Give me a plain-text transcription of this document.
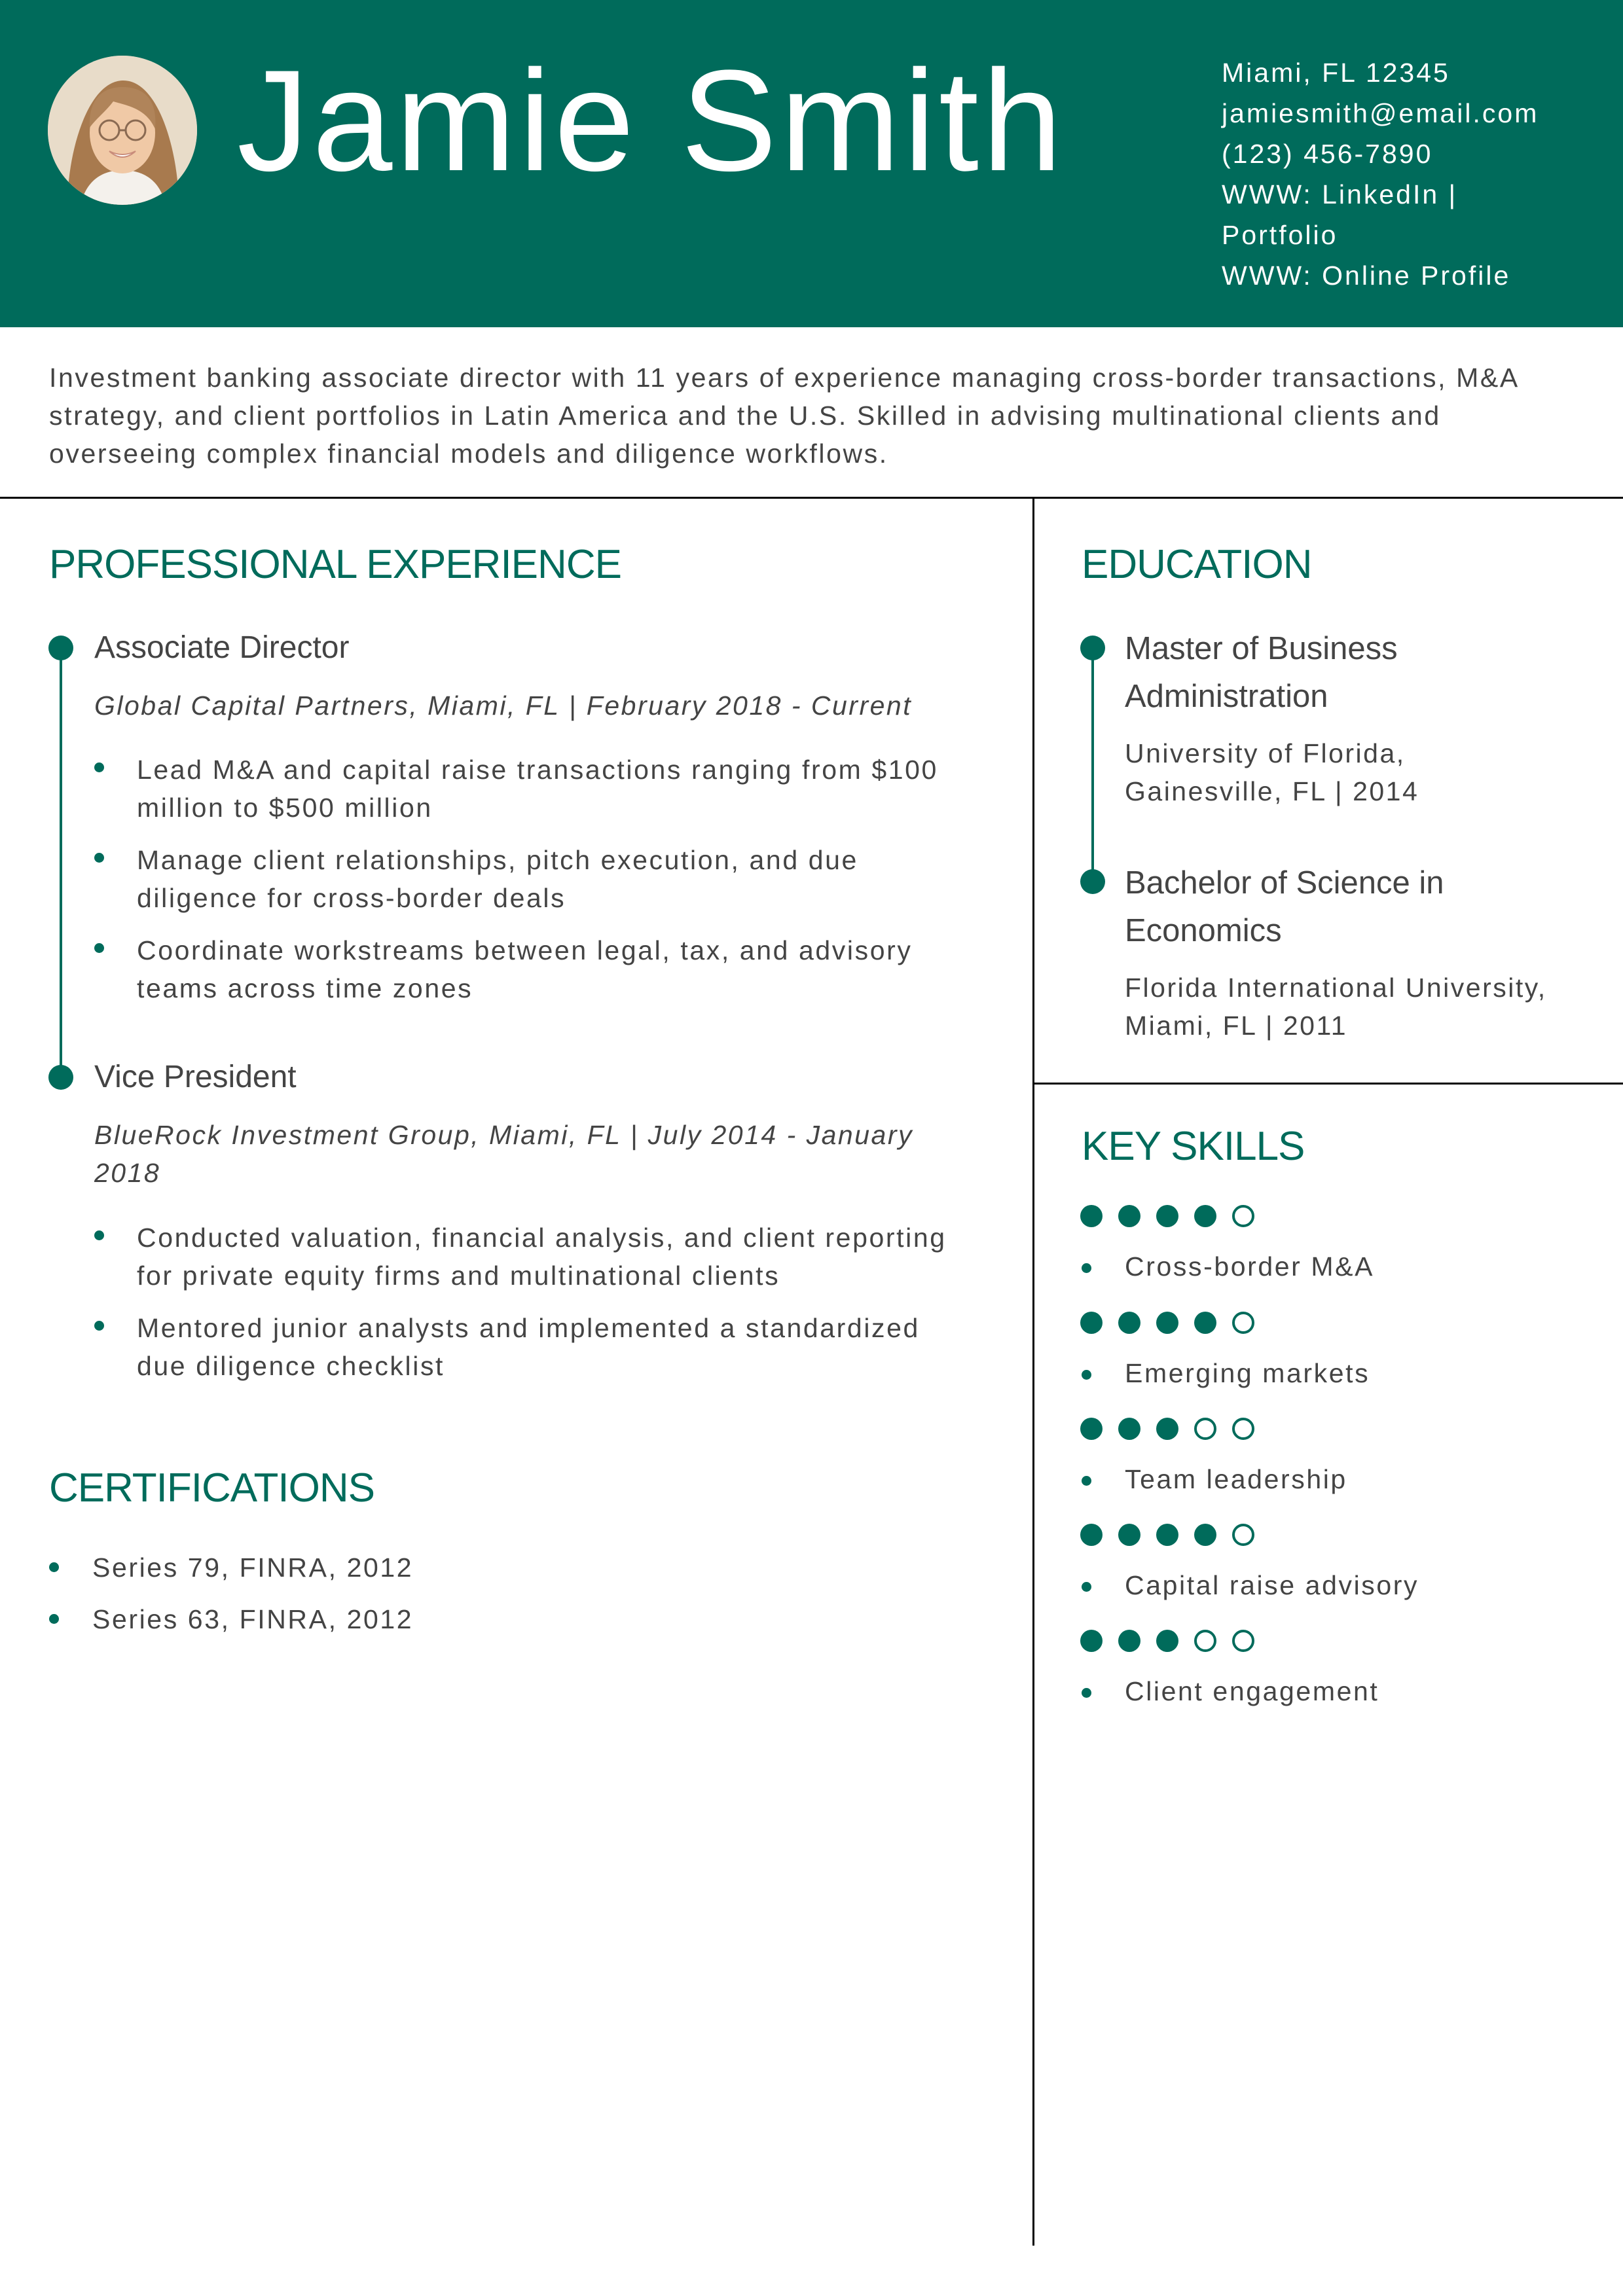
Jamie Smith	Miami, FL 12345
jamiesmith@email.com
(123) 456-7890
WWW: LinkedIn |
Portfolio
WWW: Online Profile
Investment banking associate director with 11 years of experience managing cross-border transactions, M&A strategy, and client portfolios in Latin America and the U.S. Skilled in advising multinational clients and overseeing complex financial models and diligence workflows.
PROFESSIONAL EXPERIENCE
Associate Director
Global Capital Partners, Miami, FL | February 2018 - Current
Lead M&A and capital raise transactions ranging from $100 million to $500 million
Manage client relationships, pitch execution, and due diligence for cross-border deals
Coordinate workstreams between legal, tax, and advisory teams across time zones
Vice President
BlueRock Investment Group, Miami, FL | July 2014 - January 2018
Conducted valuation, financial analysis, and client reporting for private equity firms and multinational clients
Mentored junior analysts and implemented a standardized due diligence checklist
CERTIFICATIONS
Series 79, FINRA, 2012
Series 63, FINRA, 2012
EDUCATION
Master of Business Administration
University of Florida, Gainesville, FL | 2014
Bachelor of Science in Economics
Florida International University, Miami, FL | 2011
KEY SKILLS
Cross-border M&A
Emerging markets
Team leadership
Capital raise advisory
Client engagement
